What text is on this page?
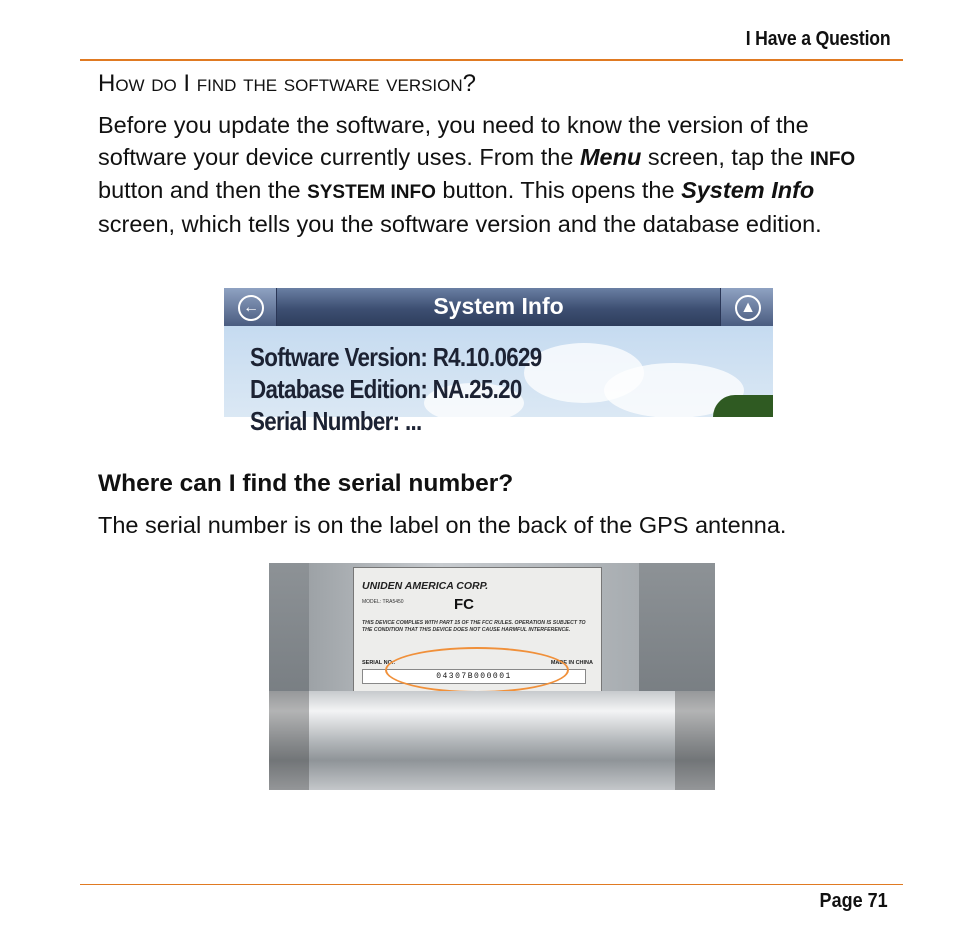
I Have a Question
How do I find the software version?
Before you update the software, you need to know the version of the software your device currently uses. From the Menu screen, tap the INFO button and then the SYSTEM INFO button. This opens the System Info screen, which tells you the software version and the database edition.
←	▲
System Info
Software Version: R4.10.0629
Database Edition: NA.25.20
Serial Number: ...
Where can I find the serial number?
The serial number is on the label on the back of the GPS antenna.
UNIDEN AMERICA CORP.
MODEL: TRA5450	FC
THIS DEVICE COMPLIES WITH PART 15 OF THE FCC RULES. OPERATION IS SUBJECT TO THE CONDITION THAT THIS DEVICE DOES NOT CAUSE HARMFUL INTERFERENCE.
SERIAL NO.:	MADE IN CHINA
04307B000001
Page 71
